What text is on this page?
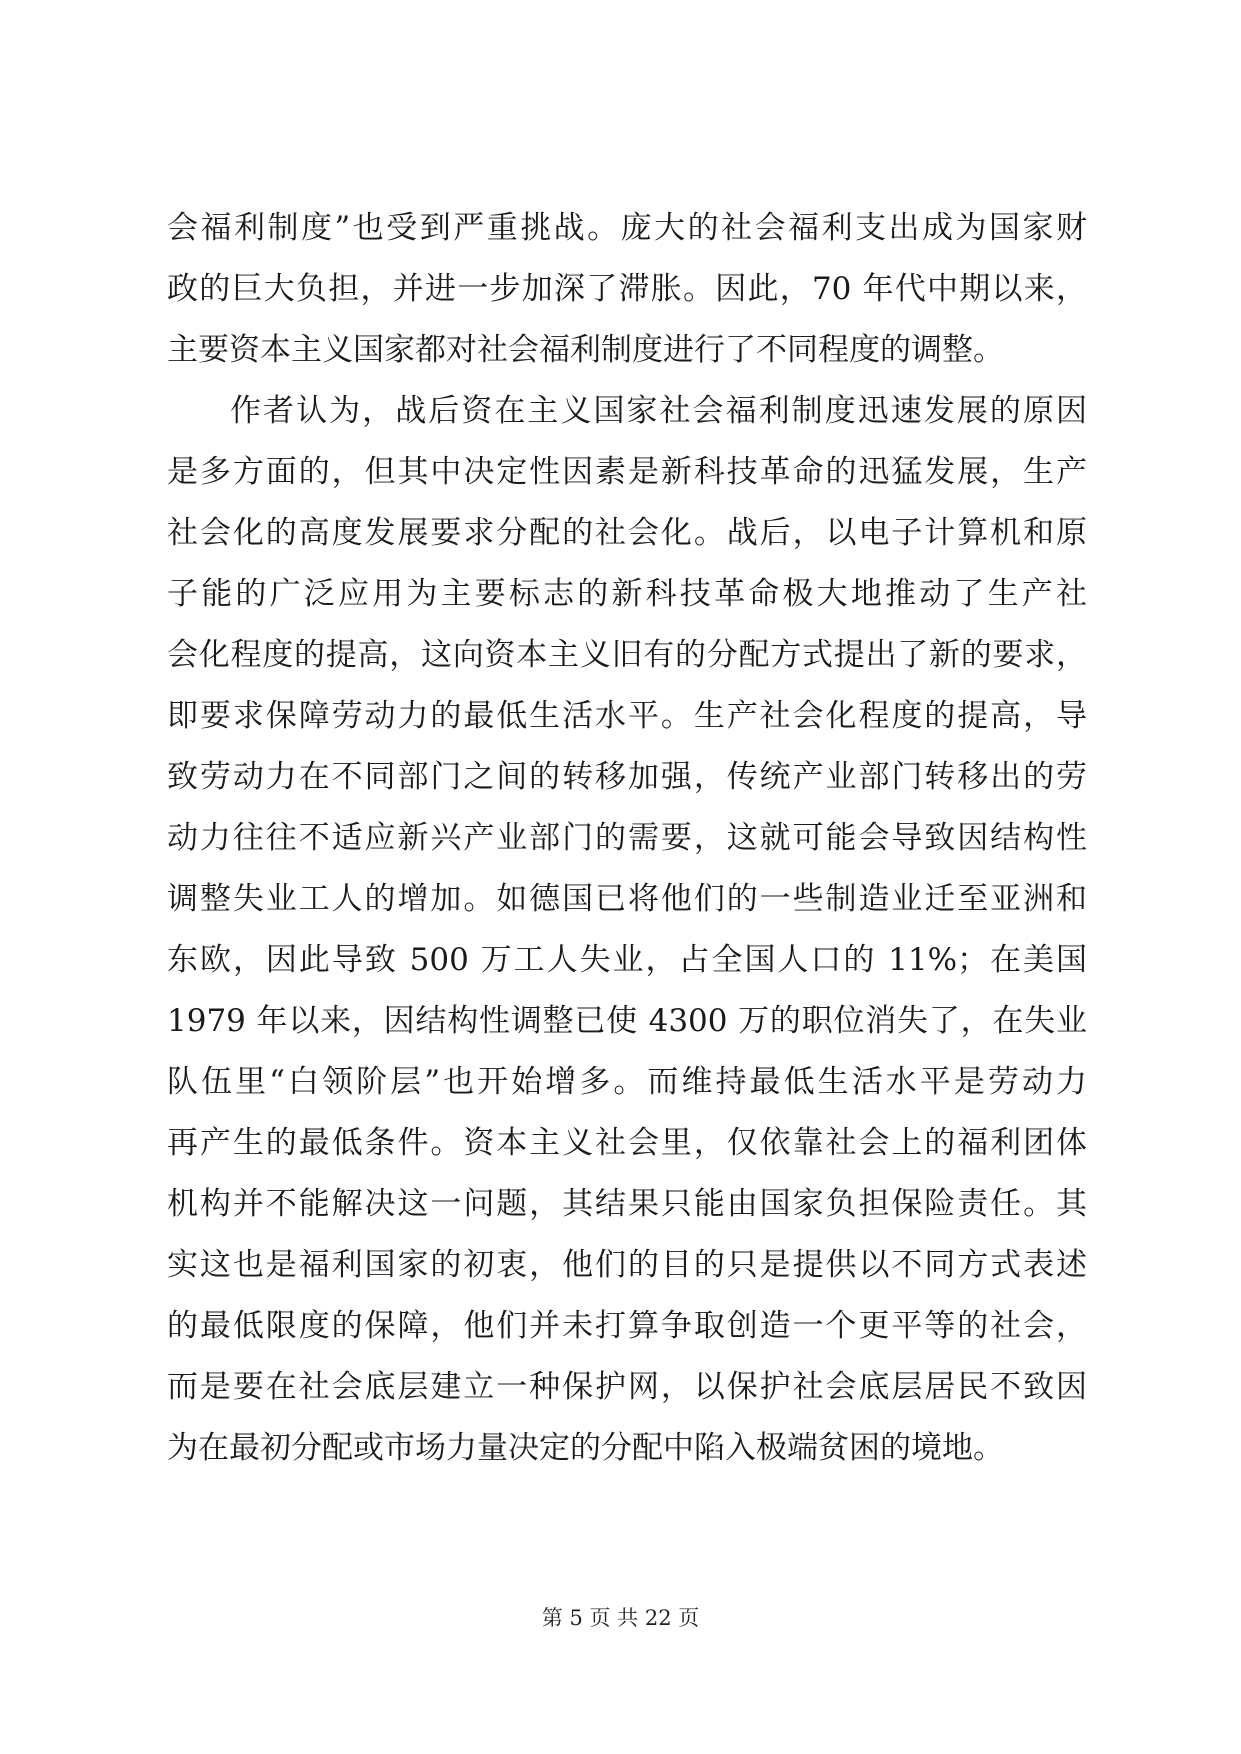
会福利制度”也受到严重挑战。庞大的社会福利支出成为国家财
政的巨大负担，并进一步加深了滞胀。因此，70 年代中期以来，
主要资本主义国家都对社会福利制度进行了不同程度的调整。
作者认为，战后资在主义国家社会福利制度迅速发展的原因
是多方面的，但其中决定性因素是新科技革命的迅猛发展，生产
社会化的高度发展要求分配的社会化。战后，以电子计算机和原
子能的广泛应用为主要标志的新科技革命极大地推动了生产社
会化程度的提高，这向资本主义旧有的分配方式提出了新的要求，
即要求保障劳动力的最低生活水平。生产社会化程度的提高，导
致劳动力在不同部门之间的转移加强，传统产业部门转移出的劳
动力往往不适应新兴产业部门的需要，这就可能会导致因结构性
调整失业工人的增加。如德国已将他们的一些制造业迁至亚洲和
东欧，因此导致 500 万工人失业，占全国人口的 11%；在美国
1979 年以来，因结构性调整已使 4300 万的职位消失了，在失业
队伍里“白领阶层”也开始增多。而维持最低生活水平是劳动力
再产生的最低条件。资本主义社会里，仅依靠社会上的福利团体
机构并不能解决这一问题，其结果只能由国家负担保险责任。其
实这也是福利国家的初衷，他们的目的只是提供以不同方式表述
的最低限度的保障，他们并未打算争取创造一个更平等的社会，
而是要在社会底层建立一种保护网，以保护社会底层居民不致因
为在最初分配或市场力量决定的分配中陷入极端贫困的境地。
第 5 页 共 22 页
